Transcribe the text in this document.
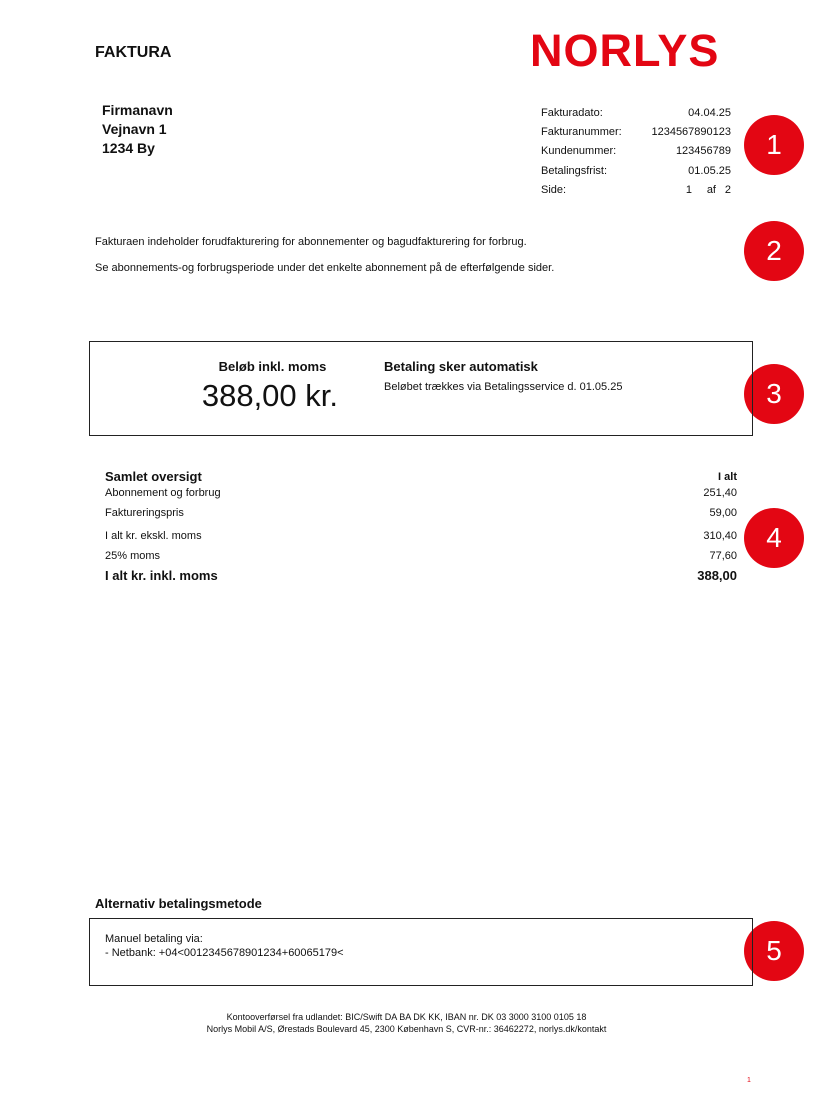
FAKTURA	NORLYS
Firmanavn
Vejnavn 1
1234 By
Fakturadato:	04.04.25
Fakturanummer:	1234567890123
Kundenummer:	123456789
Betalingsfrist:	01.05.25
Side:	1	af 2
1
2
3
4
5
Fakturaen indeholder forudfakturering for abonnementer og bagudfakturering for forbrug.
Se abonnements-og forbrugsperiode under det enkelte abonnement på de efterfølgende sider.
Beløb inkl. moms
388,00 kr.
Betaling sker automatisk
Beløbet trækkes via Betalingsservice d. 01.05.25
Samlet oversigt	I alt
Abonnement og forbrug	251,40
Faktureringspris	59,00
I alt kr. ekskl. moms	310,40
25% moms	77,60
I alt kr. inkl. moms	388,00
Alternativ betalingsmetode
Manuel betaling via:
- Netbank: +04<0012345678901234+60065179<
Kontooverførsel fra udlandet: BIC/Swift DA BA DK KK, IBAN nr. DK 03 3000 3100 0105 18
Norlys Mobil A/S, Ørestads Boulevard 45, 2300 København S, CVR-nr.: 36462272, norlys.dk/kontakt
1
